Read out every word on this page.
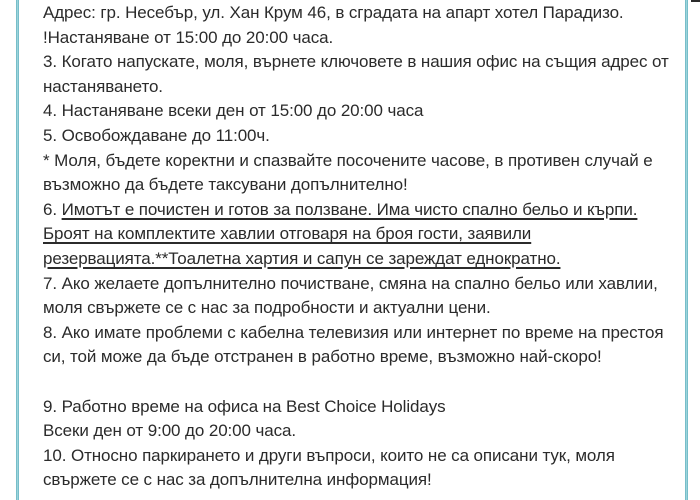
Адрес: гр. Несебър, ул. Хан Крум 46, в сградата на апарт хотел Парадизо.

!Настаняване от 15:00 до 20:00 часа.

3. Когато напускате, моля, върнете ключовете в нашия офис на същия адрес от

настаняването.

4. Настаняване всеки ден от 15:00 до 20:00 часа

5. Освобождаване до 11:00ч.

* Моля, бъдете коректни и спазвайте посочените часове, в противен случай е

възможно да бъдете таксувани допълнително!

6. Имотът е почистен и готов за ползване. Има чисто спално бельо и кърпи.

Броят на комплектите хавлии отговаря на броя гости, заявили

резервацията.**Тоалетна хартия и сапун се зареждат еднократно.

7. Ако желаете допълнително почистване, смяна на спално бельо или хавлии,

моля свържете се с нас за подробности и актуални цени.

8. Ако имате проблеми с кабелна телевизия или интернет по време на престоя

си, той може да бъде отстранен в работно време, възможно най-скоро!

9. Работно време на офиса на Best Choice Holidays

Всеки ден от 9:00 до 20:00 часа.

10. Относно паркирането и други въпроси, които не са описани тук, моля

свържете се с нас за допълнителна информация!
